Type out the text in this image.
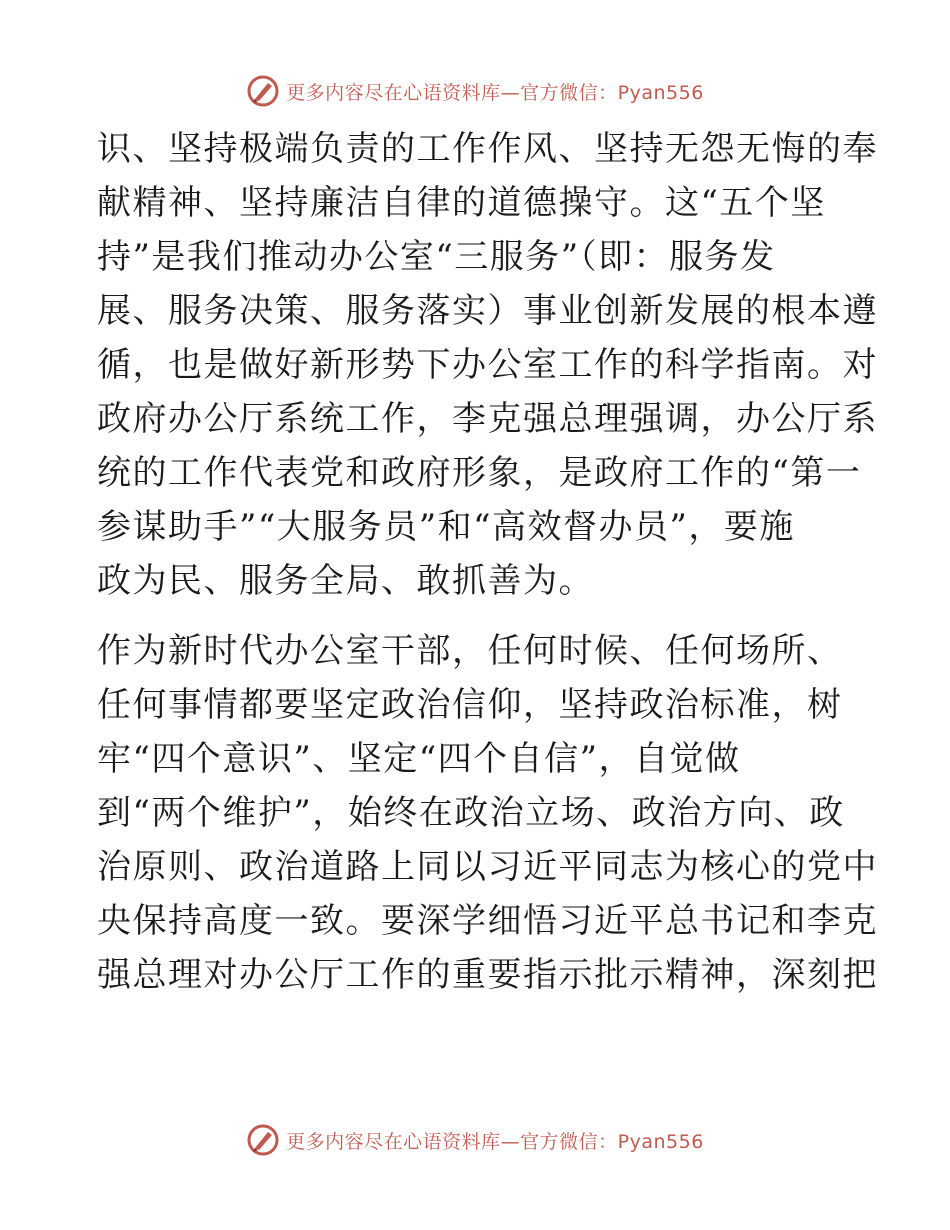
更多内容尽在心语资料库—官方微信：Pyan556

识、坚持极端负责的工作作风、坚持无怨无悔的奉

献精神、坚持廉洁自律的道德操守。这“五个坚

持”是我们推动办公室“三服务”（即：服务发

展、服务决策、服务落实）事业创新发展的根本遵

循，也是做好新形势下办公室工作的科学指南。对

政府办公厅系统工作，李克强总理强调，办公厅系

统的工作代表党和政府形象，是政府工作的“第一

参谋助手”“大服务员”和“高效督办员”，要施

政为民、服务全局、敢抓善为。

作为新时代办公室干部，任何时候、任何场所、

任何事情都要坚定政治信仰，坚持政治标准，树

牢“四个意识”、坚定“四个自信”，自觉做

到“两个维护”，始终在政治立场、政治方向、政

治原则、政治道路上同以习近平同志为核心的党中

央保持高度一致。要深学细悟习近平总书记和李克

强总理对办公厅工作的重要指示批示精神，深刻把

更多内容尽在心语资料库—官方微信：Pyan556
